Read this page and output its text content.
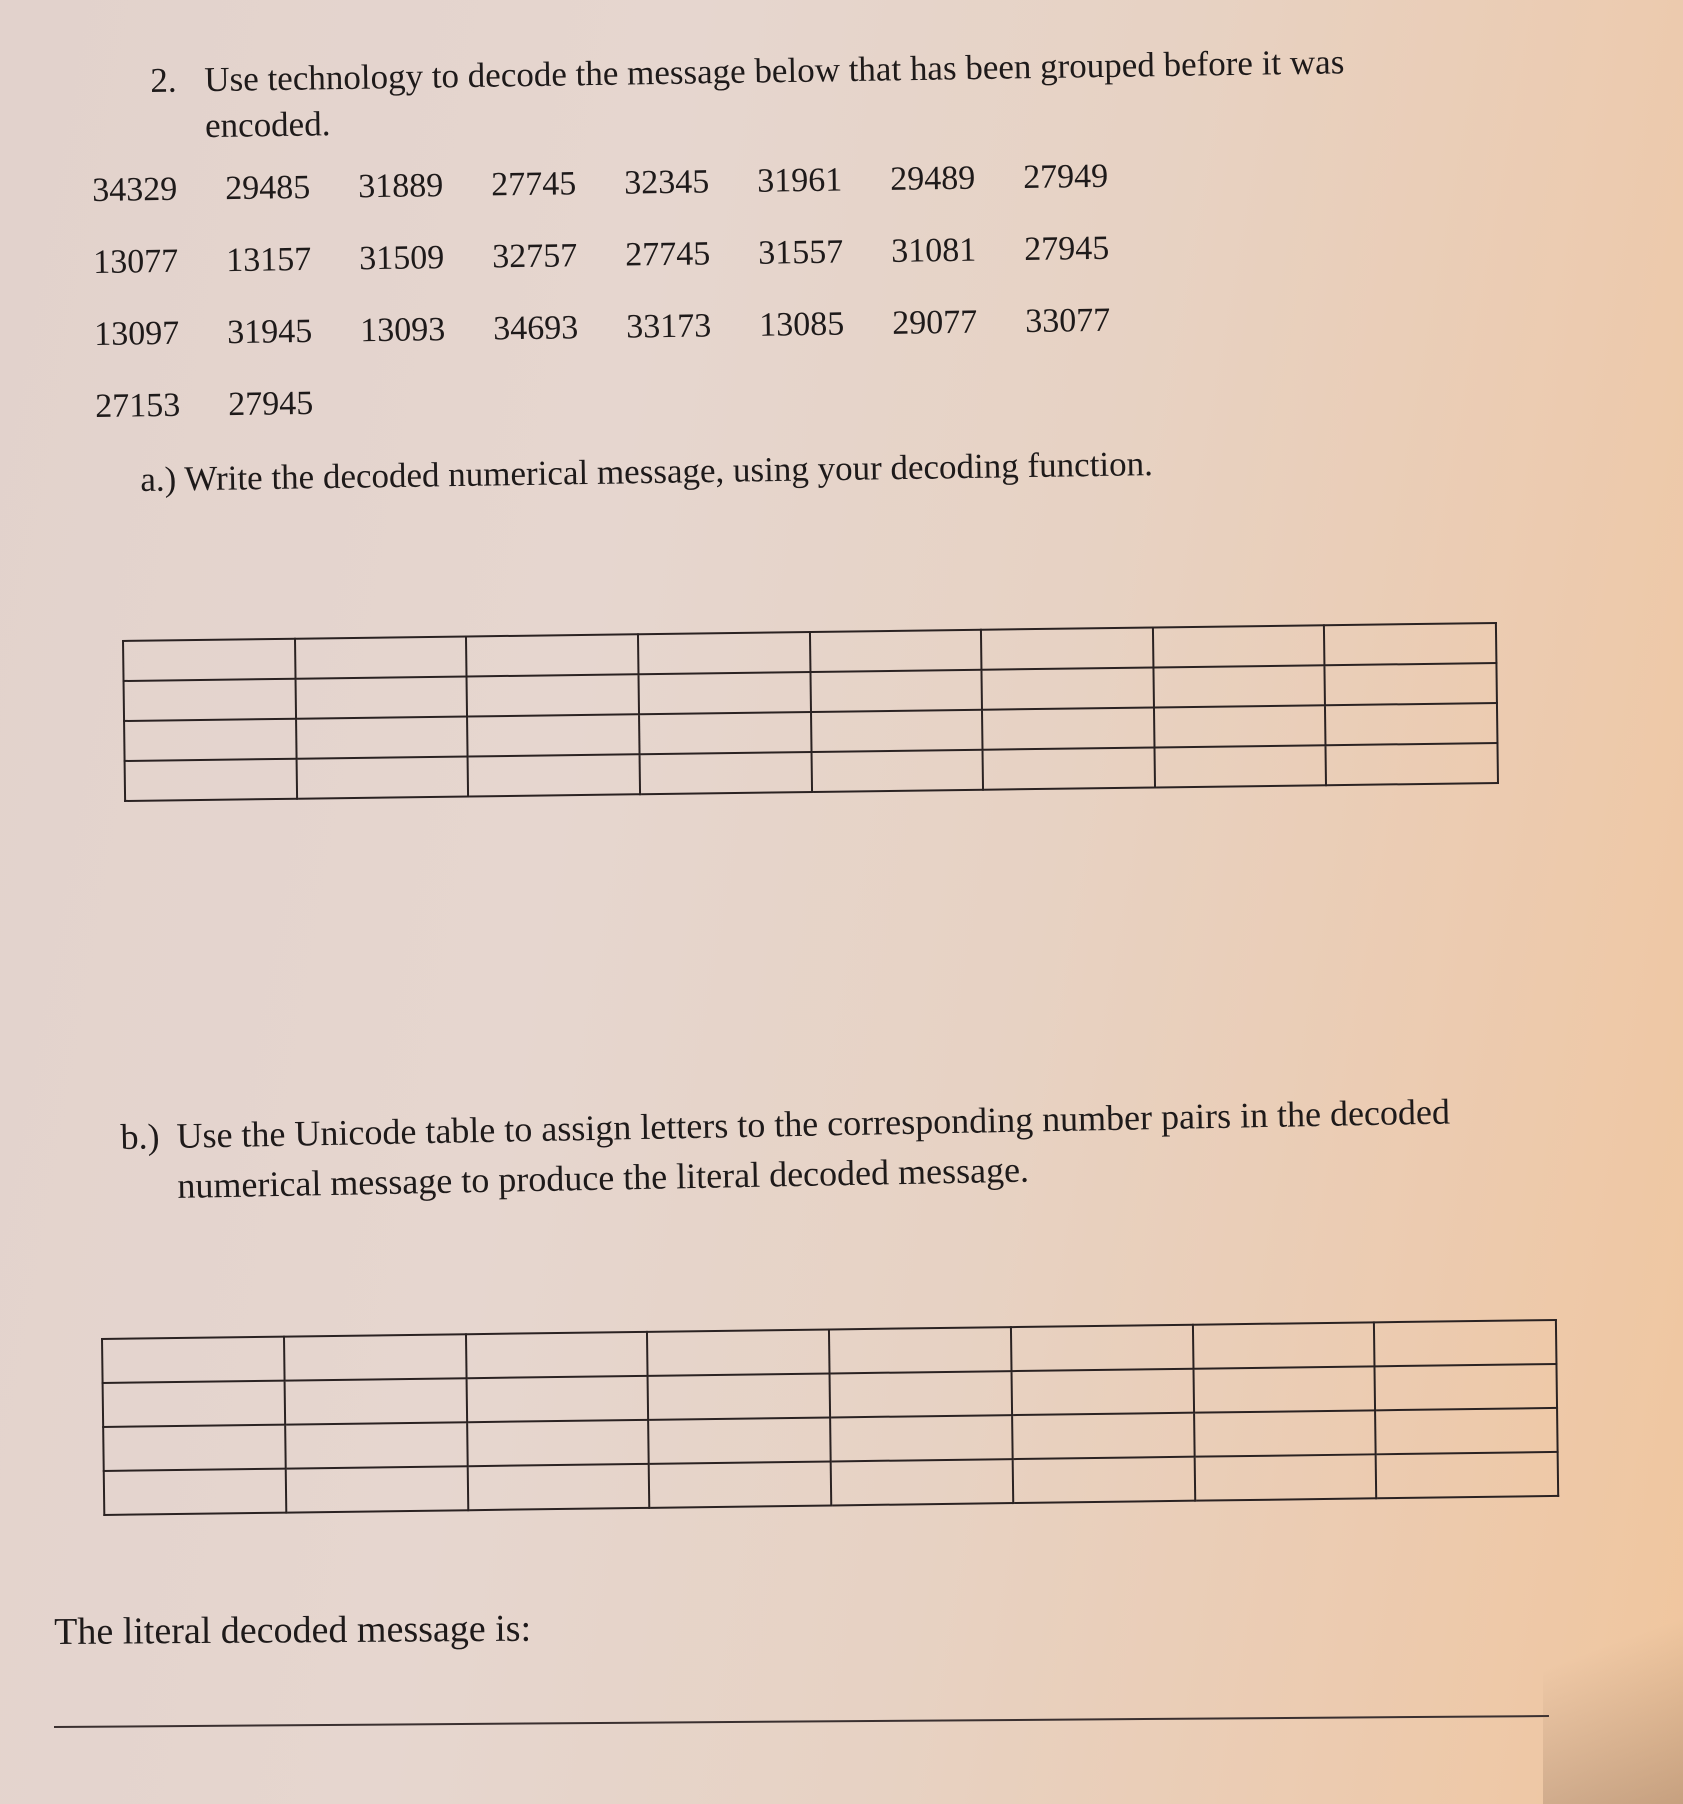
2. Use technology to decode the message below that has been grouped before it was encoded.
34329 29485 31889 27745 32345 31961 29489 27949
13077 13157 31509 32757 27745 31557 31081 27945
13097 31945 13093 34693 33173 13085 29077 33077
27153 27945
a.) Write the decoded numerical message, using your decoding function.

b.) Use the Unicode table to assign letters to the corresponding number pairs in the decoded numerical message to produce the literal decoded message.

The literal decoded message is:
